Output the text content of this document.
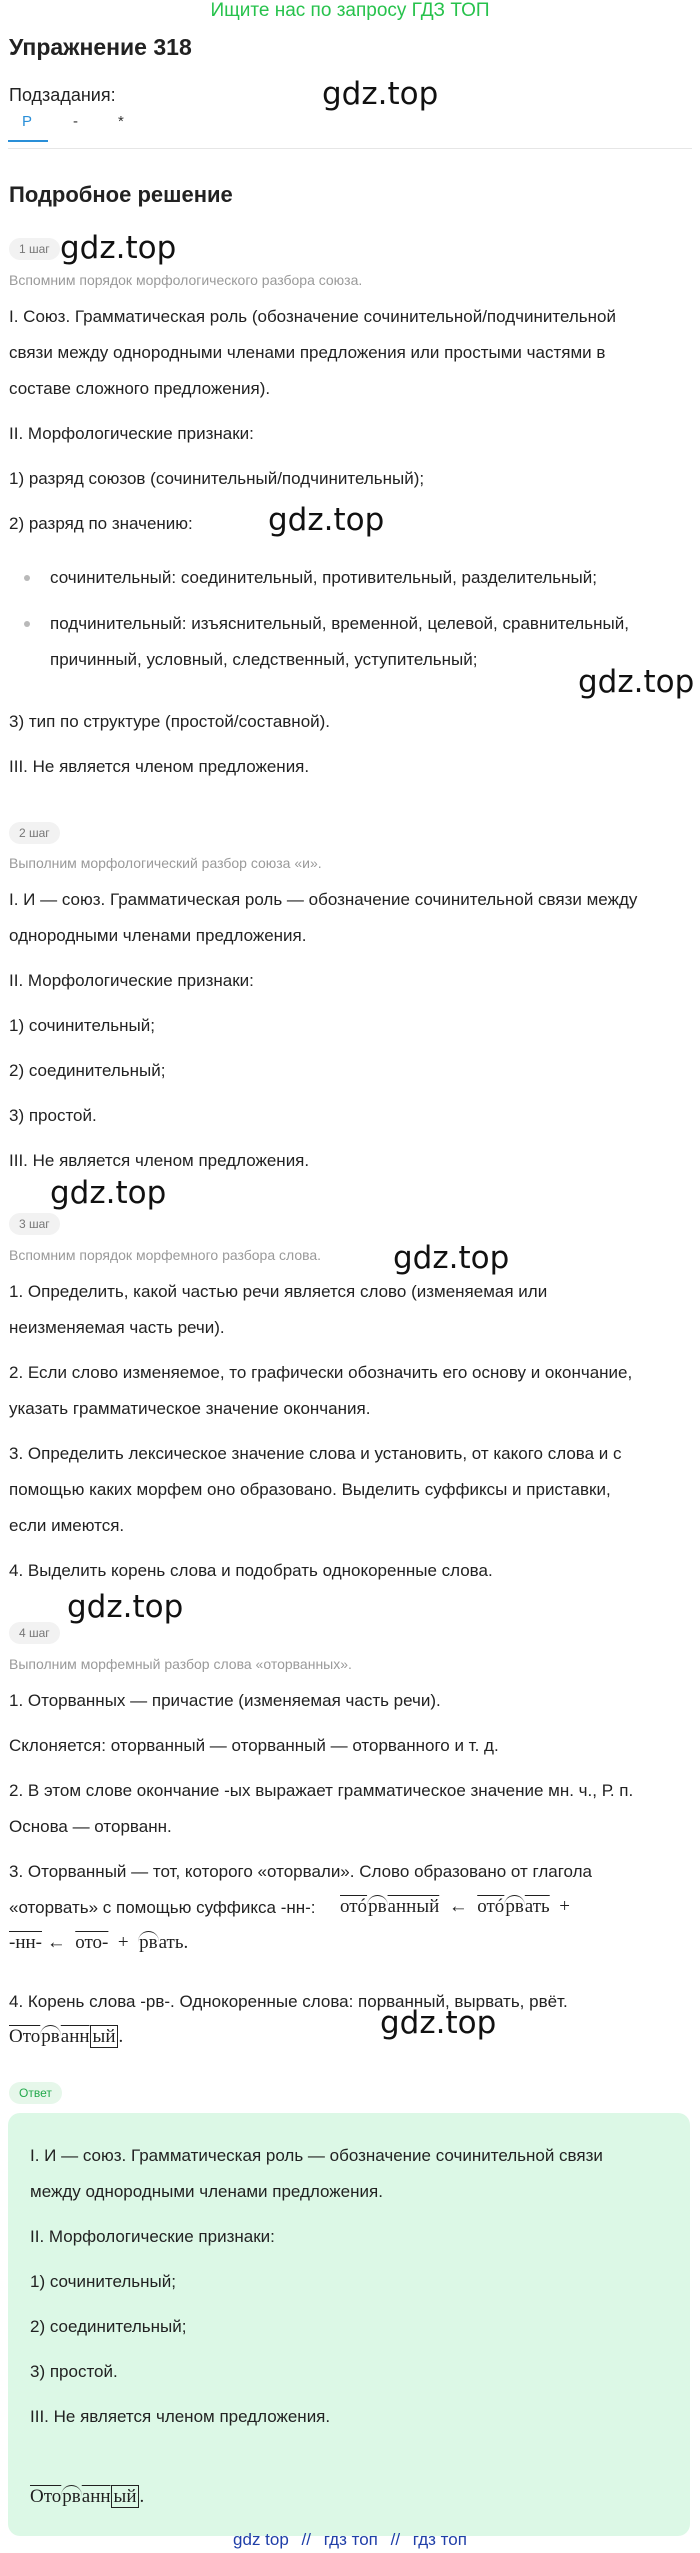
Ищите нас по запросу ГДЗ ТОП
Упражнение 318
Подзадания:
Р	-	*
Подробное решение
gdz.top
gdz.top
gdz.top
gdz.top
gdz.top
gdz.top
gdz.top
gdz.top
1 шаг
Вспомним порядок морфологического разбора союза.
I. Союз. Грамматическая роль (обозначение сочинительной/подчинительной
связи между однородными членами предложения или простыми частями в
составе сложного предложения).
II. Морфологические признаки:
1) разряд союзов (сочинительный/подчинительный);
2) разряд по значению:
сочинительный: соединительный, противительный, разделительный;
подчинительный: изъяснительный, временной, целевой, сравнительный,
причинный, условный, следственный, уступительный;
3) тип по структуре (простой/составной).
III. Не является членом предложения.
2 шаг
Выполним морфологический разбор союза «и».
I. И — союз. Грамматическая роль — обозначение сочинительной связи между
однородными членами предложения.
II. Морфологические признаки:
1) сочинительный;
2) соединительный;
3) простой.
III. Не является членом предложения.
3 шаг
Вспомним порядок морфемного разбора слова.
1. Определить, какой частью речи является слово (изменяемая или
неизменяемая часть речи).
2. Если слово изменяемое, то графически обозначить его основу и окончание,
указать грамматическое значение окончания.
3. Определить лексическое значение слова и установить, от какого слова и с
помощью каких морфем оно образовано. Выделить суффиксы и приставки,
если имеются.
4. Выделить корень слова и подобрать однокоренные слова.
4 шаг
Выполним морфемный разбор слова «оторванных».
1. Оторванных — причастие (изменяемая часть речи).
Склоняется: оторванный — оторванный — оторванного и т. д.
2. В этом слове окончание -ых выражает грамматическое значение мн. ч., Р. п.
Основа — оторванн.
3. Оторванный — тот, которого «оторвали». Слово образовано от глагола
«оторвать» с помощью суффикса -нн-:	отóрванный  ←  отóрвать  +
-нн- ←  ото-  +  рвать.
4. Корень слова -рв-. Однокоренные слова: порванный, вырвать, рвёт.
Оторванн ый .
Ответ
I. И — союз. Грамматическая роль — обозначение сочинительной связи
между однородными членами предложения.
II. Морфологические признаки:
1) сочинительный;
2) соединительный;
3) простой.
III. Не является членом предложения.
Оторванн ый .
gdz top // гдз топ // гдз топ
